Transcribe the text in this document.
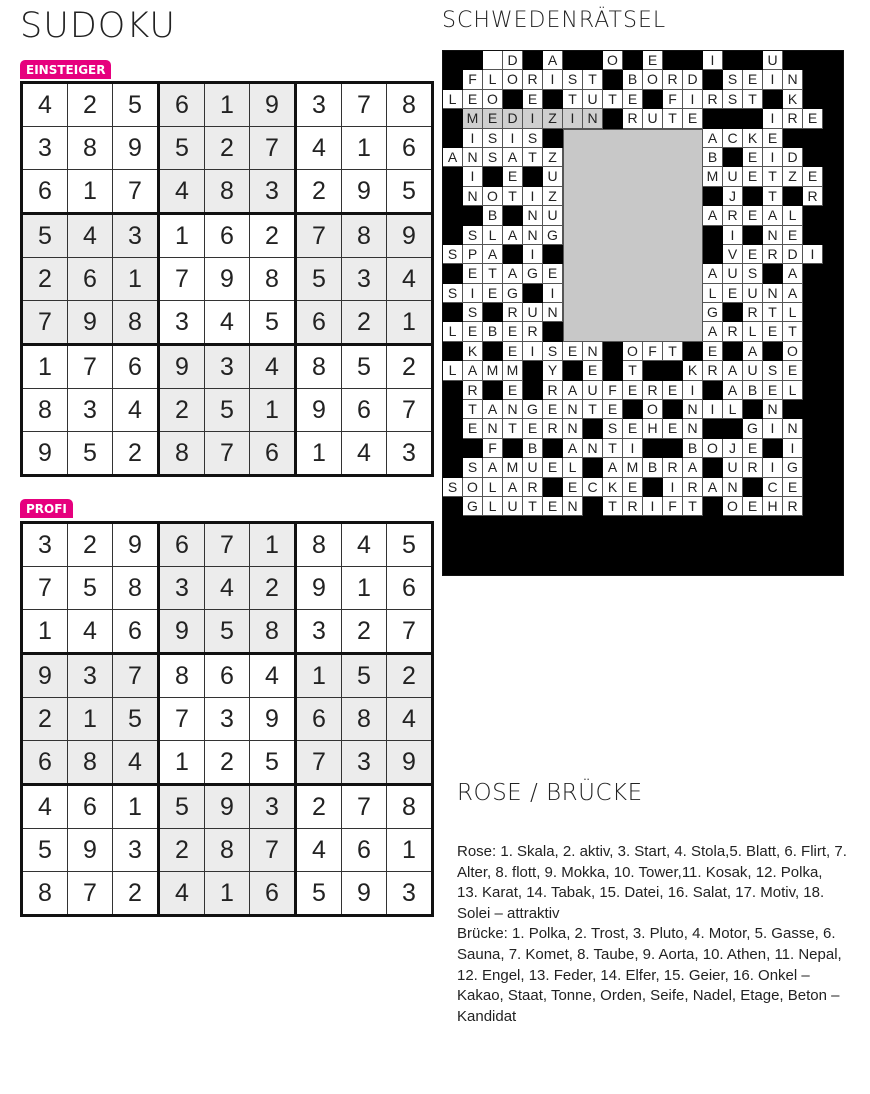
SUDOKU
EINSTEIGER
4	2	5	6	1	9	3	7	8
3	8	9	5	2	7	4	1	6
6	1	7	4	8	3	2	9	5
5	4	3	1	6	2	7	8	9
2	6	1	7	9	8	5	3	4
7	9	8	3	4	5	6	2	1
1	7	6	9	3	4	8	5	2
8	3	4	2	5	1	9	6	7
9	5	2	8	7	6	1	4	3
PROFI
3	2	9	6	7	1	8	4	5
7	5	8	3	4	2	9	1	6
1	4	6	9	5	8	3	2	7
9	3	7	8	6	4	1	5	2
2	1	5	7	3	9	6	8	4
6	8	4	1	2	5	7	3	9
4	6	1	5	9	3	2	7	8
5	9	3	2	8	7	4	6	1
8	7	2	4	1	6	5	9	3
SCHWEDENRÄTSEL
D	A	O	E	I	U
F L O R I S T	B O R D	S E I N
L E O	E	T U T E	F I R S T	K
M E D I Z I N	R U T E	I R E
I S I S	A C K E
A N S A T Z	B	E I D
I	E	U	M U E T Z E
N O T I Z	J	T	R
B	N U	A R E A L
S L A N G	I	N E
S P A	I	V E R D I
E T A G E	A U S	A
S I E G	I	L E U N A
S	R U N	G	R T L
L E B E R	A R L E T
K	E I S E N	O F T	E	A	O
L A M M	Y	E	T	K R A U S E
R	E	R A U F E R E I	A B E L
T A N G E N T E	O	N I	L	N
E N T E R N	S E H E N	G I N
F	B	A N T I	B O J E	I
S A M U E L	A M B R A	U R I G
S O L A R	E C K E	I R A N	C E
G L U T E N	T R I F T	O E H R
ROSE / BRÜCKE

Rose: 1. Skala, 2. aktiv, 3. Start, 4. Stola,5. Blatt, 6. Flirt, 7. Alter, 8. flott, 9. Mokka, 10. Tower,11. Kosak, 12. Polka, 13. Karat, 14. Tabak, 15. Datei, 16. Salat, 17. Motiv, 18. Solei – attraktiv

Brücke: 1. Polka, 2. Trost, 3. Pluto, 4. Motor, 5. Gasse, 6. Sauna, 7. Komet, 8. Taube, 9. Aorta, 10. Athen, 11. Nepal, 12. Engel, 13. Feder, 14. Elfer, 15. Geier, 16. Onkel – Kakao, Staat, Tonne, Orden, Seife, Nadel, Etage, Beton – Kandidat
